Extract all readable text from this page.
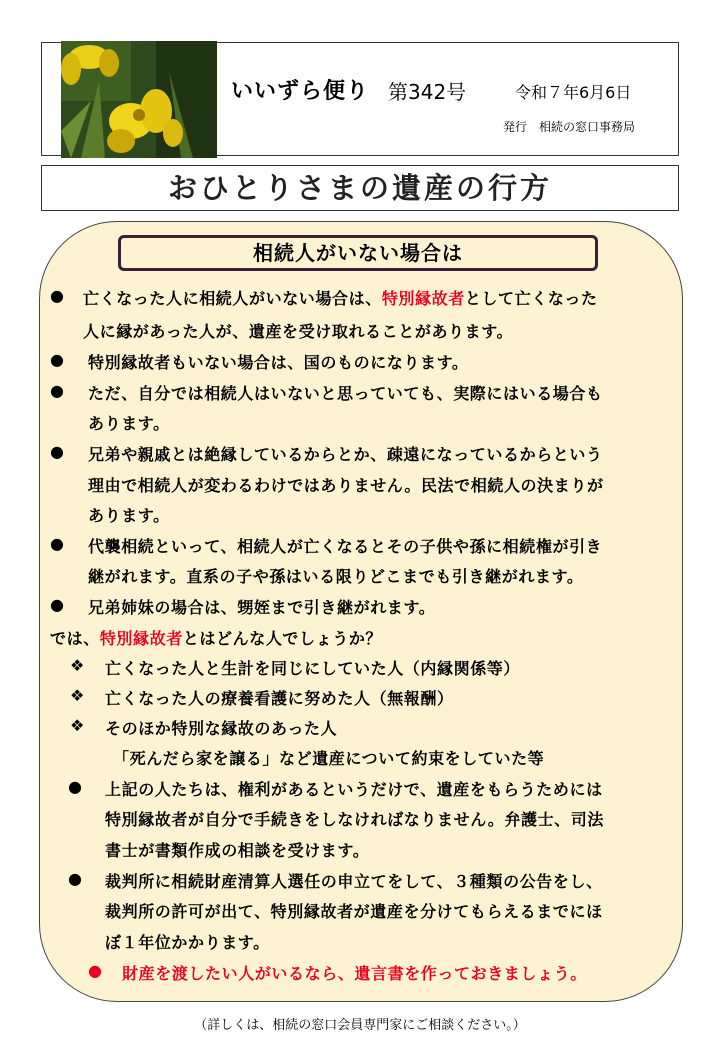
いいずら便り 第342号	令和７年6月6日
発行　相続の窓口事務局
おひとりさまの遺産の行方
相続人がいない場合は
● 亡くなった人に相続人がいない場合は、特別縁故者として亡くなった
人に縁があった人が、遺産を受け取れることがあります。
● 特別縁故者もいない場合は、国のものになります。
● ただ、自分では相続人はいないと思っていても、実際にはいる場合も
あります。
● 兄弟や親戚とは絶縁しているからとか、疎遠になっているからという
理由で相続人が変わるわけではありません。民法で相続人の決まりが
あります。
● 代襲相続といって、相続人が亡くなるとその子供や孫に相続権が引き
継がれます。直系の子や孫はいる限りどこまでも引き継がれます。
● 兄弟姉妹の場合は、甥姪まで引き継がれます。
では、特別縁故者とはどんな人でしょうか？
❖ 亡くなった人と生計を同じにしていた人（内縁関係等）
❖ 亡くなった人の療養看護に努めた人（無報酬）
❖ そのほか特別な縁故のあった人
「死んだら家を譲る」など遺産について約束をしていた等
● 上記の人たちは、権利があるというだけで、遺産をもらうためには
特別縁故者が自分で手続きをしなければなりません。弁護士、司法
書士が書類作成の相談を受けます。
● 裁判所に相続財産清算人選任の申立てをして、３種類の公告をし、
裁判所の許可が出て、特別縁故者が遺産を分けてもらえるまでにほ
ぼ１年位かかります。
● 財産を渡したい人がいるなら、遺言書を作っておきましょう。
（詳しくは、相続の窓口会員専門家にご相談ください。）
